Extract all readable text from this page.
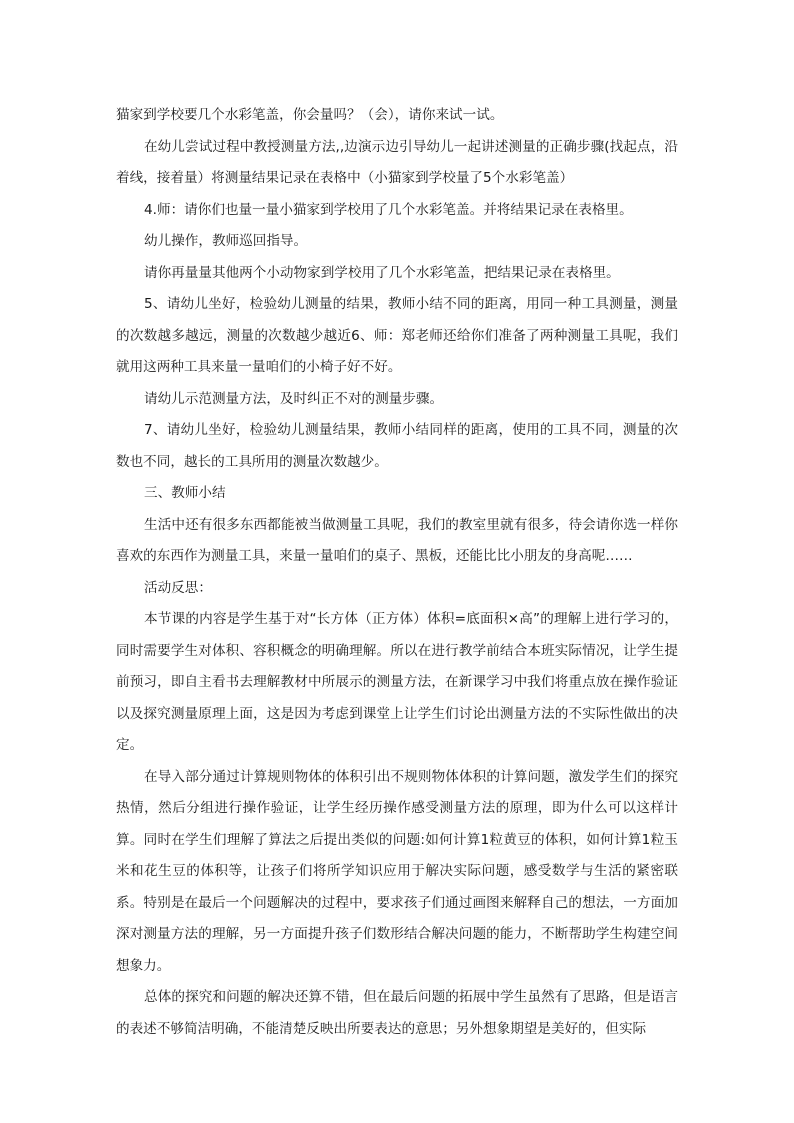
猫家到学校要几个水彩笔盖，你会量吗？（会），请你来试一试。

在幼儿尝试过程中教授测量方法,,边演示边引导幼儿一起讲述测量的正确步骤(找起点，沿着线，接着量）将测量结果记录在表格中（小猫家到学校量了5个水彩笔盖）

4.师：请你们也量一量小猫家到学校用了几个水彩笔盖。并将结果记录在表格里。

幼儿操作，教师巡回指导。

请你再量量其他两个小动物家到学校用了几个水彩笔盖，把结果记录在表格里。

5、请幼儿坐好，检验幼儿测量的结果，教师小结不同的距离，用同一种工具测量，测量的次数越多越远，测量的次数越少越近6、师：郑老师还给你们准备了两种测量工具呢，我们就用这两种工具来量一量咱们的小椅子好不好。

请幼儿示范测量方法，及时纠正不对的测量步骤。

7、请幼儿坐好，检验幼儿测量结果，教师小结同样的距离，使用的工具不同，测量的次数也不同，越长的工具所用的测量次数越少。

三、教师小结

生活中还有很多东西都能被当做测量工具呢，我们的教室里就有很多，待会请你选一样你喜欢的东西作为测量工具，来量一量咱们的桌子、黑板，还能比比小朋友的身高呢……

活动反思：

本节课的内容是学生基于对“长方体（正方体）体积=底面积×高”的理解上进行学习的，同时需要学生对体积、容积概念的明确理解。所以在进行教学前结合本班实际情况，让学生提前预习，即自主看书去理解教材中所展示的测量方法，在新课学习中我们将重点放在操作验证以及探究测量原理上面，这是因为考虑到课堂上让学生们讨论出测量方法的不实际性做出的决定。

在导入部分通过计算规则物体的体积引出不规则物体体积的计算问题，激发学生们的探究热情，然后分组进行操作验证，让学生经历操作感受测量方法的原理，即为什么可以这样计算。同时在学生们理解了算法之后提出类似的问题:如何计算1粒黄豆的体积，如何计算1粒玉米和花生豆的体积等，让孩子们将所学知识应用于解决实际问题，感受数学与生活的紧密联系。特别是在最后一个问题解决的过程中，要求孩子们通过画图来解释自己的想法，一方面加深对测量方法的理解，另一方面提升孩子们数形结合解决问题的能力，不断帮助学生构建空间想象力。

总体的探究和问题的解决还算不错，但在最后问题的拓展中学生虽然有了思路，但是语言的表述不够简洁明确，不能清楚反映出所要表达的意思；另外想象期望是美好的，但实际
